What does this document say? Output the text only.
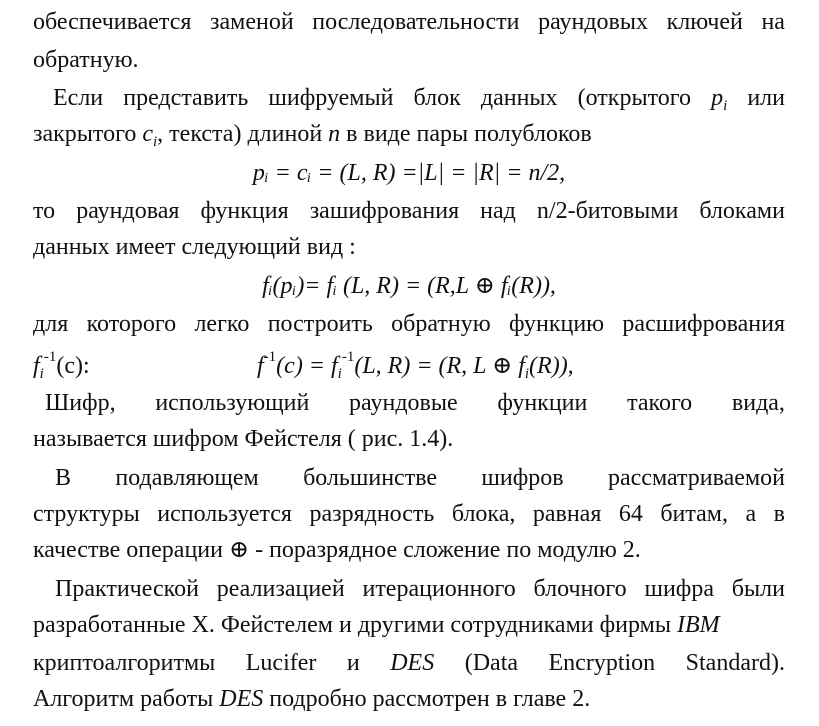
обеспечивается заменой последовательности раундовых ключей на
обратную.
Если представить шифруемый блок данных (открытого $p_i$ или
закрытого $c_i$, текста) длиной n в виде пары полублоков
pᵢ = cᵢ = (L, R) =|L| = |R| = n/2,
то раундовая функция зашифрования над n/2-битовыми блоками
данных имеет следующий вид :
fᵢ(pᵢ)= fᵢ (L, R) = (R,L ⊕ fᵢ(R)),
для которого легко построить обратную функцию расшифрования
$f_i^{-1}(c)$:	$f^{-1}(c) = f_i^{-1}(L$, R) = (R, L ⊕ $f_i(R)$),
Шифр, использующий раундовые функции такого вида,
называется шифром Фейстеля ( рис. 1.4).
В подавляющем большинстве шифров рассматриваемой
структуры используется разрядность блока, равная 64 битам, а в
качестве операции ⊕ - поразрядное сложение по модулю 2.
Практической реализацией итерационного блочного шифра были
разработанные Х. Фейстелем и другими сотрудниками фирмы IBM
криптоалгоритмы Lucifer и DES (Data Encryption Standard).
Алгоритм работы DES подробно рассмотрен в главе 2.
